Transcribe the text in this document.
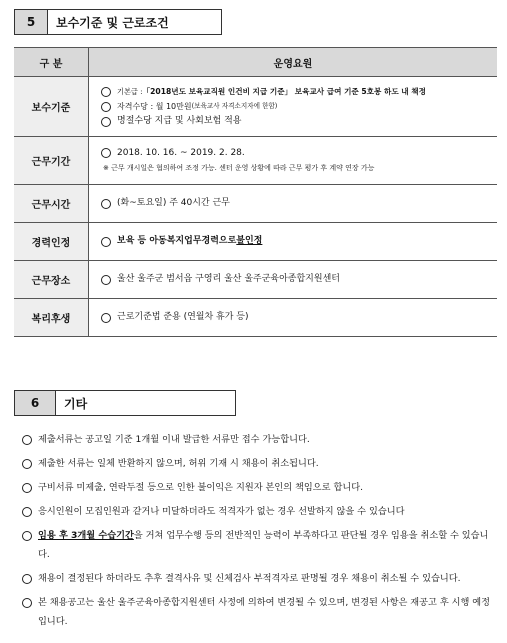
5	보수기준 및 근로조건
구 분	운영요원
보수기준	기본급 : 「2018년도 보육교직원 인건비 지급 기준」 보육교사 급여 기준 5호봉 하도 내 책정
자격수당 : 월 10만원 (보육교사 자격소지자에 한함)
명절수당 지급 및 사회보험 적용

근무기간	2018. 10. 16. ~ 2019. 2. 28.
※ 근무 개시일은 협의하여 조정 가능. 센터 운영 상황에 따라 근무 평가 후 계약 연장 가능

근무시간	(화~토요일) 주 40시간 근무

경력인정	보육 등 아동복지업무경력으로 불인정

근무장소	울산 울주군 범서읍 구영리 울산 울주군육아종합지원센터

복리후생	근로기준법 준용 (연월차 휴가 등)
6	기타
제출서류는 공고일 기준 1개월 이내 발급한 서류만 접수 가능합니다.
제출한 서류는 일체 반환하지 않으며, 허위 기재 시 채용이 취소됩니다.
구비서류 미제출, 연락두절 등으로 인한 불이익은 지원자 본인의 책임으로 합니다.
응시인원이 모집인원과 같거나 미달하더라도 적격자가 없는 경우 선발하지 않을 수 있습니다
임용 후 3개월 수습기간을 거쳐 업무수행 등의 전반적인 능력이 부족하다고 판단될 경우 임용을 취소할 수 있습니다.
채용이 결정된다 하더라도 추후 결격사유 및 신체검사 부적격자로 판명될 경우 채용이 취소될 수 있습니다.
본 채용공고는 울산 울주군육아종합지원센터 사정에 의하여 변경될 수 있으며, 변경된 사항은 재공고 후 시행 예정입니다.
